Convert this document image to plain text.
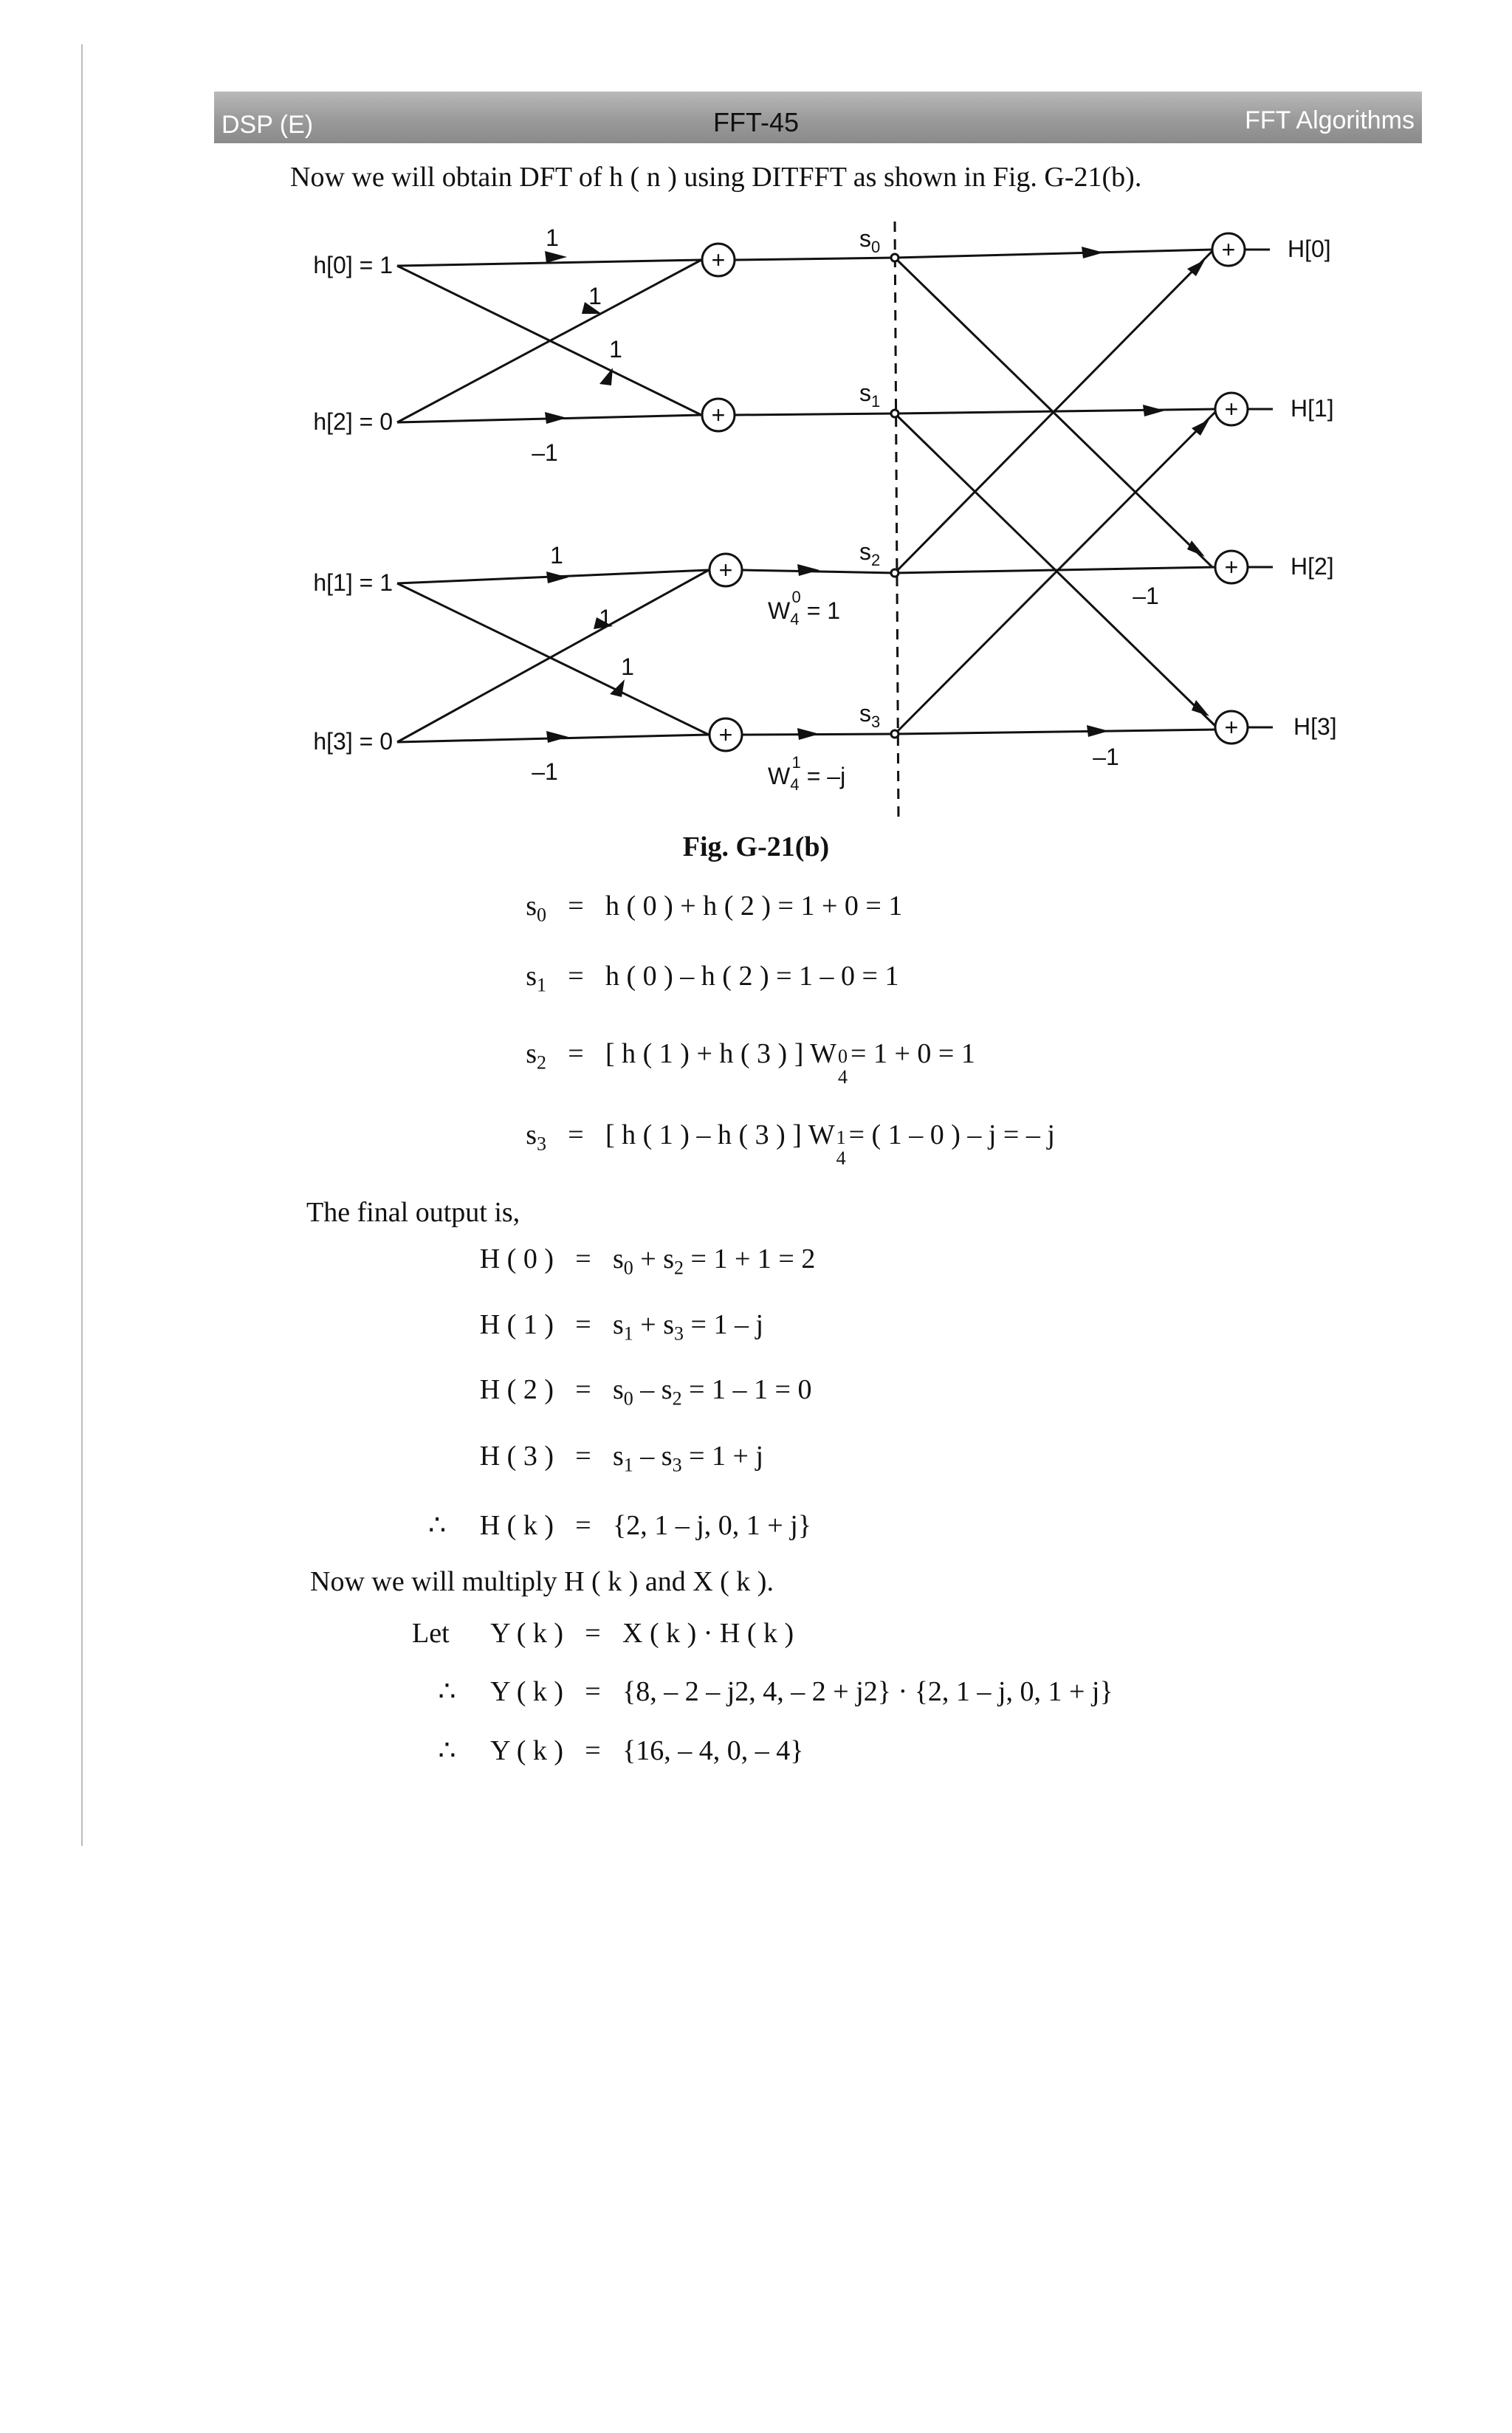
DSP (E)	FFT-45	FFT Algorithms
Now we will obtain DFT of h ( n ) using DITFFT as shown in Fig. G-21(b).
+
+
+
+
+
+
+
+
h[0] = 1
h[2] = 0
h[1] = 1
h[3] = 0
H[0]
H[1]
H[2]
H[3]
1
1
1
–1
1
1
1
–1
–1
–1
$s_0$
$s_1$
$s_2$
$s_3$
$W_40= 1$
$W_41= -j$
Fig. G-21(b)
$s_0 = h$ ( 0 ) + h ( 2 ) = 1 + 0 = 1
$s_1 = h$ ( 0 ) – h ( 2 ) = 1 – 0 = 1
$s_2$ = [ h ( 1 ) + h ( 3 ) ] W 0
4
= 1 + 0 = 1
$s_3$ = [ h ( 1 ) – h ( 3 ) ] W 1
4
= ( 1 – 0 ) – j = – j
The final output is,
H ( 0 ) = $s_0 + s_2 = 1 + 1 = 2$
H ( 1 ) = $s_1 + s_3 = 1 - j$
H ( 2 ) = $s_0 - s_2 = 1 - 1 = 0$
H ( 3 ) = $s_1 - s_3 = 1 + j$
∴	H ( k ) = {2, 1 – j, 0, 1 + j}
Now we will multiply H ( k ) and X ( k ).
Let	Y ( k ) = X ( k ) · H ( k )
∴	Y ( k ) = {8, – 2 – j2, 4, – 2 + j2} · {2, 1 – j, 0, 1 + j}
∴	Y ( k ) = {16, – 4, 0, – 4}
